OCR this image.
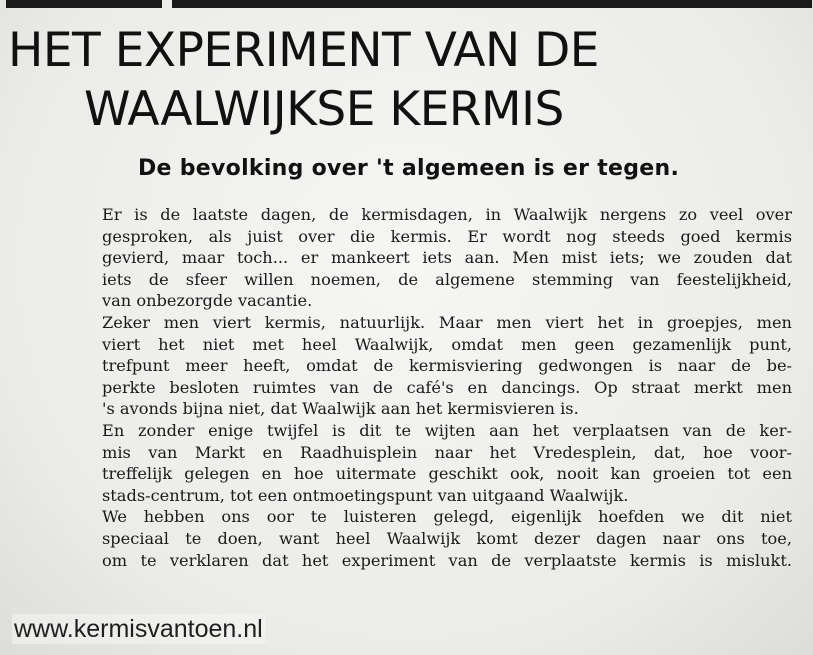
HET EXPERIMENT VAN DE
WAALWIJKSE KERMIS
De bevolking over 't algemeen is er tegen.
Er is de laatste dagen, de kermisdagen, in Waalwijk nergens zo veel over
gesproken, als juist over die kermis. Er wordt nog steeds goed kermis
gevierd, maar toch... er mankeert iets aan. Men mist iets; we zouden dat
iets de sfeer willen noemen, de algemene stemming van feestelijkheid,
van onbezorgde vacantie.
Zeker men viert kermis, natuurlijk. Maar men viert het in groepjes, men
viert het niet met heel Waalwijk, omdat men geen gezamenlijk punt,
trefpunt meer heeft, omdat de kermisviering gedwongen is naar de be-
perkte besloten ruimtes van de café's en dancings. Op straat merkt men
's avonds bijna niet, dat Waalwijk aan het kermisvieren is.
En zonder enige twijfel is dit te wijten aan het verplaatsen van de ker-
mis van Markt en Raadhuisplein naar het Vredesplein, dat, hoe voor-
treffelijk gelegen en hoe uitermate geschikt ook, nooit kan groeien tot een
stads-centrum, tot een ontmoetingspunt van uitgaand Waalwijk.
We hebben ons oor te luisteren gelegd, eigenlijk hoefden we dit niet
speciaal te doen, want heel Waalwijk komt dezer dagen naar ons toe,
om te verklaren dat het experiment van de verplaatste kermis is mislukt.
www.kermisvantoen.nl
